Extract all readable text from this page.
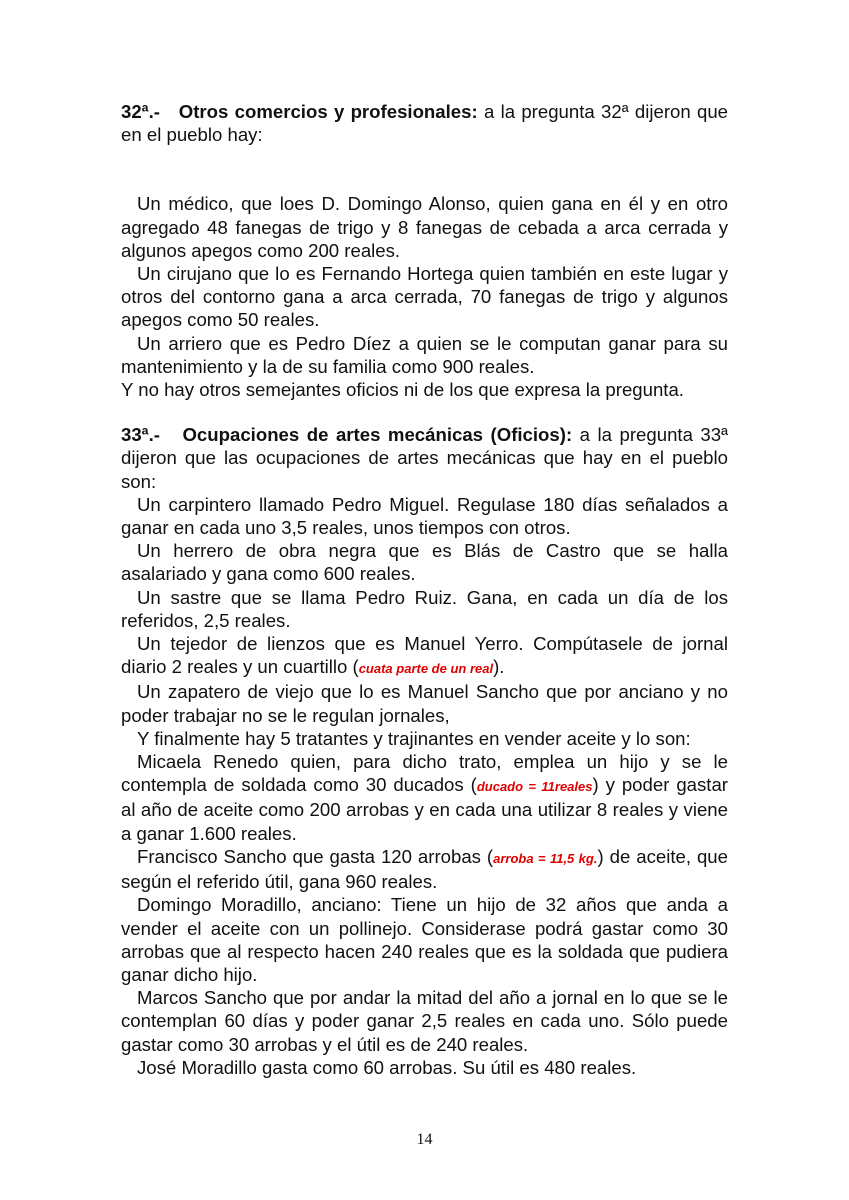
32ª.- Otros comercios y profesionales: a la pregunta 32ª dijeron que en el pueblo hay:

Un médico, que loes D. Domingo Alonso, quien gana en él y en otro agregado 48 fanegas de trigo y 8 fanegas de cebada a arca cerrada y algunos apegos como 200 reales.

Un cirujano que lo es Fernando Hortega quien también en este lugar y otros del contorno gana a arca cerrada, 70 fanegas de trigo y algunos apegos como 50 reales.

Un arriero que es Pedro Díez a quien se le computan ganar para su mantenimiento y la de su familia como 900 reales.

Y no hay otros semejantes oficios ni de los que expresa la pregunta.

33ª.- Ocupaciones de artes mecánicas (Oficios): a la pregunta 33ª dijeron que las ocupaciones de artes mecánicas que hay en el pueblo son:

Un carpintero llamado Pedro Miguel. Regulase 180 días señalados a ganar en cada uno 3,5 reales, unos tiempos con otros.

Un herrero de obra negra que es Blás de Castro que se halla asalariado y gana como 600 reales.

Un sastre que se llama Pedro Ruiz. Gana, en cada un día de los referidos, 2,5 reales.

Un tejedor de lienzos que es Manuel Yerro. Compútasele de jornal diario 2 reales y un cuartillo (cuata parte de un real).

Un zapatero de viejo que lo es Manuel Sancho que por anciano y no poder trabajar no se le regulan jornales,

Y finalmente hay 5 tratantes y trajinantes en vender aceite y lo son:

Micaela Renedo quien, para dicho trato, emplea un hijo y se le contempla de soldada como 30 ducados (ducado = 11reales) y poder gastar al año de aceite como 200 arrobas y en cada una utilizar 8 reales y viene a ganar 1.600 reales.

Francisco Sancho que gasta 120 arrobas (arroba = 11,5 kg.) de aceite, que según el referido útil, gana 960 reales.

Domingo Moradillo, anciano: Tiene un hijo de 32 años que anda a vender el aceite con un pollinejo. Considerase podrá gastar como 30 arrobas que al respecto hacen 240 reales que es la soldada que pudiera ganar dicho hijo.

Marcos Sancho que por andar la mitad del año a jornal en lo que se le contemplan 60 días y poder ganar 2,5 reales en cada uno. Sólo puede gastar como 30 arrobas y el útil es de 240 reales.

José Moradillo gasta como 60 arrobas. Su útil es 480 reales.

14
